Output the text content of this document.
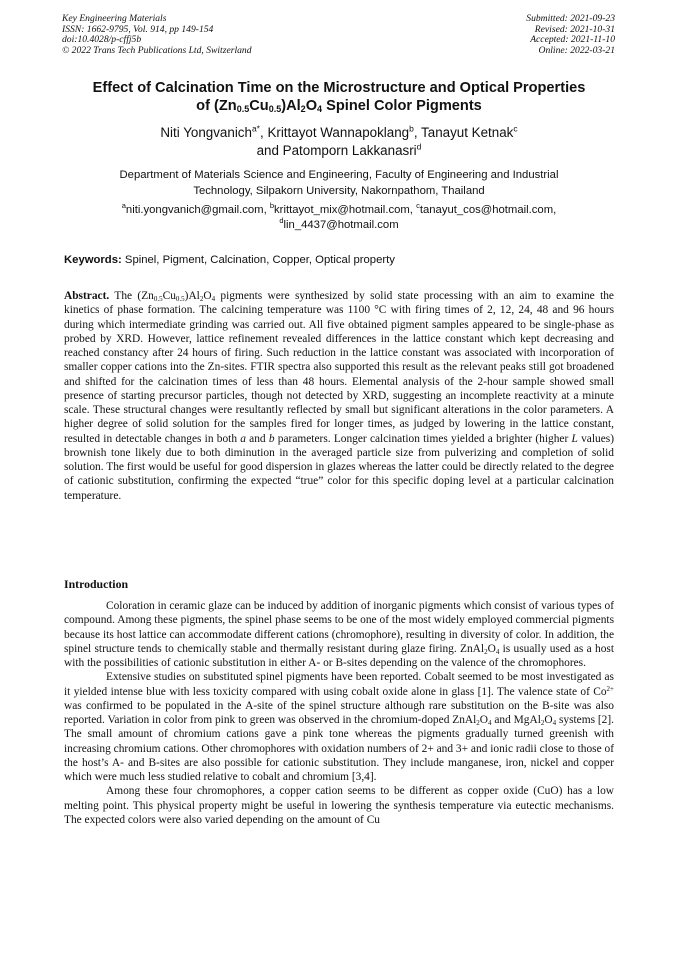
Key Engineering Materials
ISSN: 1662-9795, Vol. 914, pp 149-154
doi:10.4028/p-cffj5b
© 2022 Trans Tech Publications Ltd, Switzerland
Submitted: 2021-09-23
Revised: 2021-10-31
Accepted: 2021-11-10
Online: 2022-03-21
Effect of Calcination Time on the Microstructure and Optical Properties
of $(Zn_{0.5}Cu_{0.5})Al_2O_4$ Spinel Color Pigments
Niti Yongvanich$^{a*}$, Krittayot Wannapoklang$^b$, Tanayut Ketnak$^c$
and Patomporn Lakkanasri$^d$
Department of Materials Science and Engineering, Faculty of Engineering and Industrial
Technology, Silpakorn University, Nakornpathom, Thailand
$^a$niti.yongvanich@gmail.com, $^b$krittayot_mix@hotmail.com, $^c$tanayut_cos@hotmail.com,
$^d$lin_4437@hotmail.com
Keywords: Spinel, Pigment, Calcination, Copper, Optical property

Abstract. The $(Zn_{0.5}Cu_{0.5})Al_2O_4$ pigments were synthesized by solid state processing with an aim to examine the kinetics of phase formation. The calcining temperature was 1100 °C with firing times of 2, 12, 24, 48 and 96 hours during which intermediate grinding was carried out. All five obtained pigment samples appeared to be single-phase as probed by XRD. However, lattice refinement revealed differences in the lattice constant which kept decreasing and reached constancy after 24 hours of firing. Such reduction in the lattice constant was associated with incorporation of smaller copper cations into the Zn-sites. FTIR spectra also supported this result as the relevant peaks still got broadened and shifted for the calcination times of less than 48 hours. Elemental analysis of the 2-hour sample showed small presence of starting precursor particles, though not detected by XRD, suggesting an incomplete reactivity at a minute scale. These structural changes were resultantly reflected by small but significant alterations in the color parameters. A higher degree of solid solution for the samples fired for longer times, as judged by lowering in the lattice constant, resulted in detectable changes in both a and b parameters. Longer calcination times yielded a brighter (higher L values) brownish tone likely due to both diminution in the averaged particle size from pulverizing and completion of solid solution. The first would be useful for good dispersion in glazes whereas the latter could be directly related to the degree of cationic substitution, confirming the expected “true” color for this specific doping level at a particular calcination temperature.

Introduction

Coloration in ceramic glaze can be induced by addition of inorganic pigments which consist of various types of compound. Among these pigments, the spinel phase seems to be one of the most widely employed commercial pigments because its host lattice can accommodate different cations (chromophore), resulting in diversity of color. In addition, the spinel structure tends to chemically stable and thermally resistant during glaze firing. $ZnAl_2O_4$ is usually used as a host with the possibilities of cationic substitution in either A- or B-sites depending on the valence of the chromophores.

Extensive studies on substituted spinel pigments have been reported. Cobalt seemed to be most investigated as it yielded intense blue with less toxicity compared with using cobalt oxide alone in glass [1]. The valence state of $Co^{2+}$ was confirmed to be populated in the A-site of the spinel structure although rare substitution on the B-site was also reported. Variation in color from pink to green was observed in the chromium-doped $ZnAl_2O_4$ and $MgAl_2O_4$ systems [2]. The small amount of chromium cations gave a pink tone whereas the pigments gradually turned greenish with increasing chromium cations. Other chromophores with oxidation numbers of 2+ and 3+ and ionic radii close to those of the host’s A- and B-sites are also possible for cationic substitution. They include manganese, iron, nickel and copper which were much less studied relative to cobalt and chromium [3,4].

Among these four chromophores, a copper cation seems to be different as copper oxide (CuO) has a low melting point. This physical property might be useful in lowering the synthesis temperature via eutectic mechanisms. The expected colors were also varied depending on the amount of Cu
